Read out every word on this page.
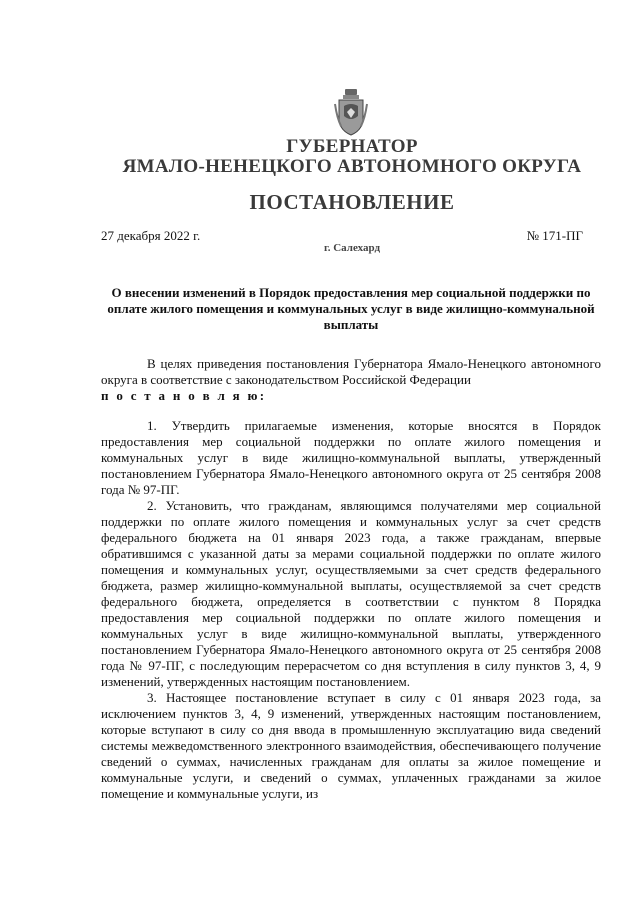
ГУБЕРНАТОР
ЯМАЛО-НЕНЕЦКОГО АВТОНОМНОГО ОКРУГА
ПОСТАНОВЛЕНИЕ
27 декабря 2022 г.	№ 171-ПГ
г. Салехард
О внесении изменений в Порядок предоставления мер социальной поддержки по оплате жилого помещения и коммунальных услуг в виде жилищно-коммунальной выплаты

В целях приведения постановления Губернатора Ямало-Ненецкого автономного округа в соответствие с законодательством Российской Федерации

п о с т а н о в л я ю:

1. Утвердить прилагаемые изменения, которые вносятся в Порядок предоставления мер социальной поддержки по оплате жилого помещения и коммунальных услуг в виде жилищно-коммунальной выплаты, утвержденный постановлением Губернатора Ямало-Ненецкого автономного округа от 25 сентября 2008 года № 97-ПГ.

2. Установить, что гражданам, являющимся получателями мер социальной поддержки по оплате жилого помещения и коммунальных услуг за счет средств федерального бюджета на 01 января 2023 года, а также гражданам, впервые обратившимся с указанной даты за мерами социальной поддержки по оплате жилого помещения и коммунальных услуг, осуществляемыми за счет средств федерального бюджета, размер жилищно-коммунальной выплаты, осуществляемой за счет средств федерального бюджета, определяется в соответствии с пунктом 8 Порядка предоставления мер социальной поддержки по оплате жилого помещения и коммунальных услуг в виде жилищно-коммунальной выплаты, утвержденного постановлением Губернатора Ямало-Ненецкого автономного округа от 25 сентября 2008 года № 97-ПГ, с последующим перерасчетом со дня вступления в силу пунктов 3, 4, 9 изменений, утвержденных настоящим постановлением.

3. Настоящее постановление вступает в силу с 01 января 2023 года, за исключением пунктов 3, 4, 9 изменений, утвержденных настоящим постановлением, которые вступают в силу со дня ввода в промышленную эксплуатацию вида сведений системы межведомственного электронного взаимодействия, обеспечивающего получение сведений о суммах, начисленных гражданам для оплаты за жилое помещение и коммунальные услуги, и сведений о суммах, уплаченных гражданами за жилое помещение и коммунальные услуги, из
